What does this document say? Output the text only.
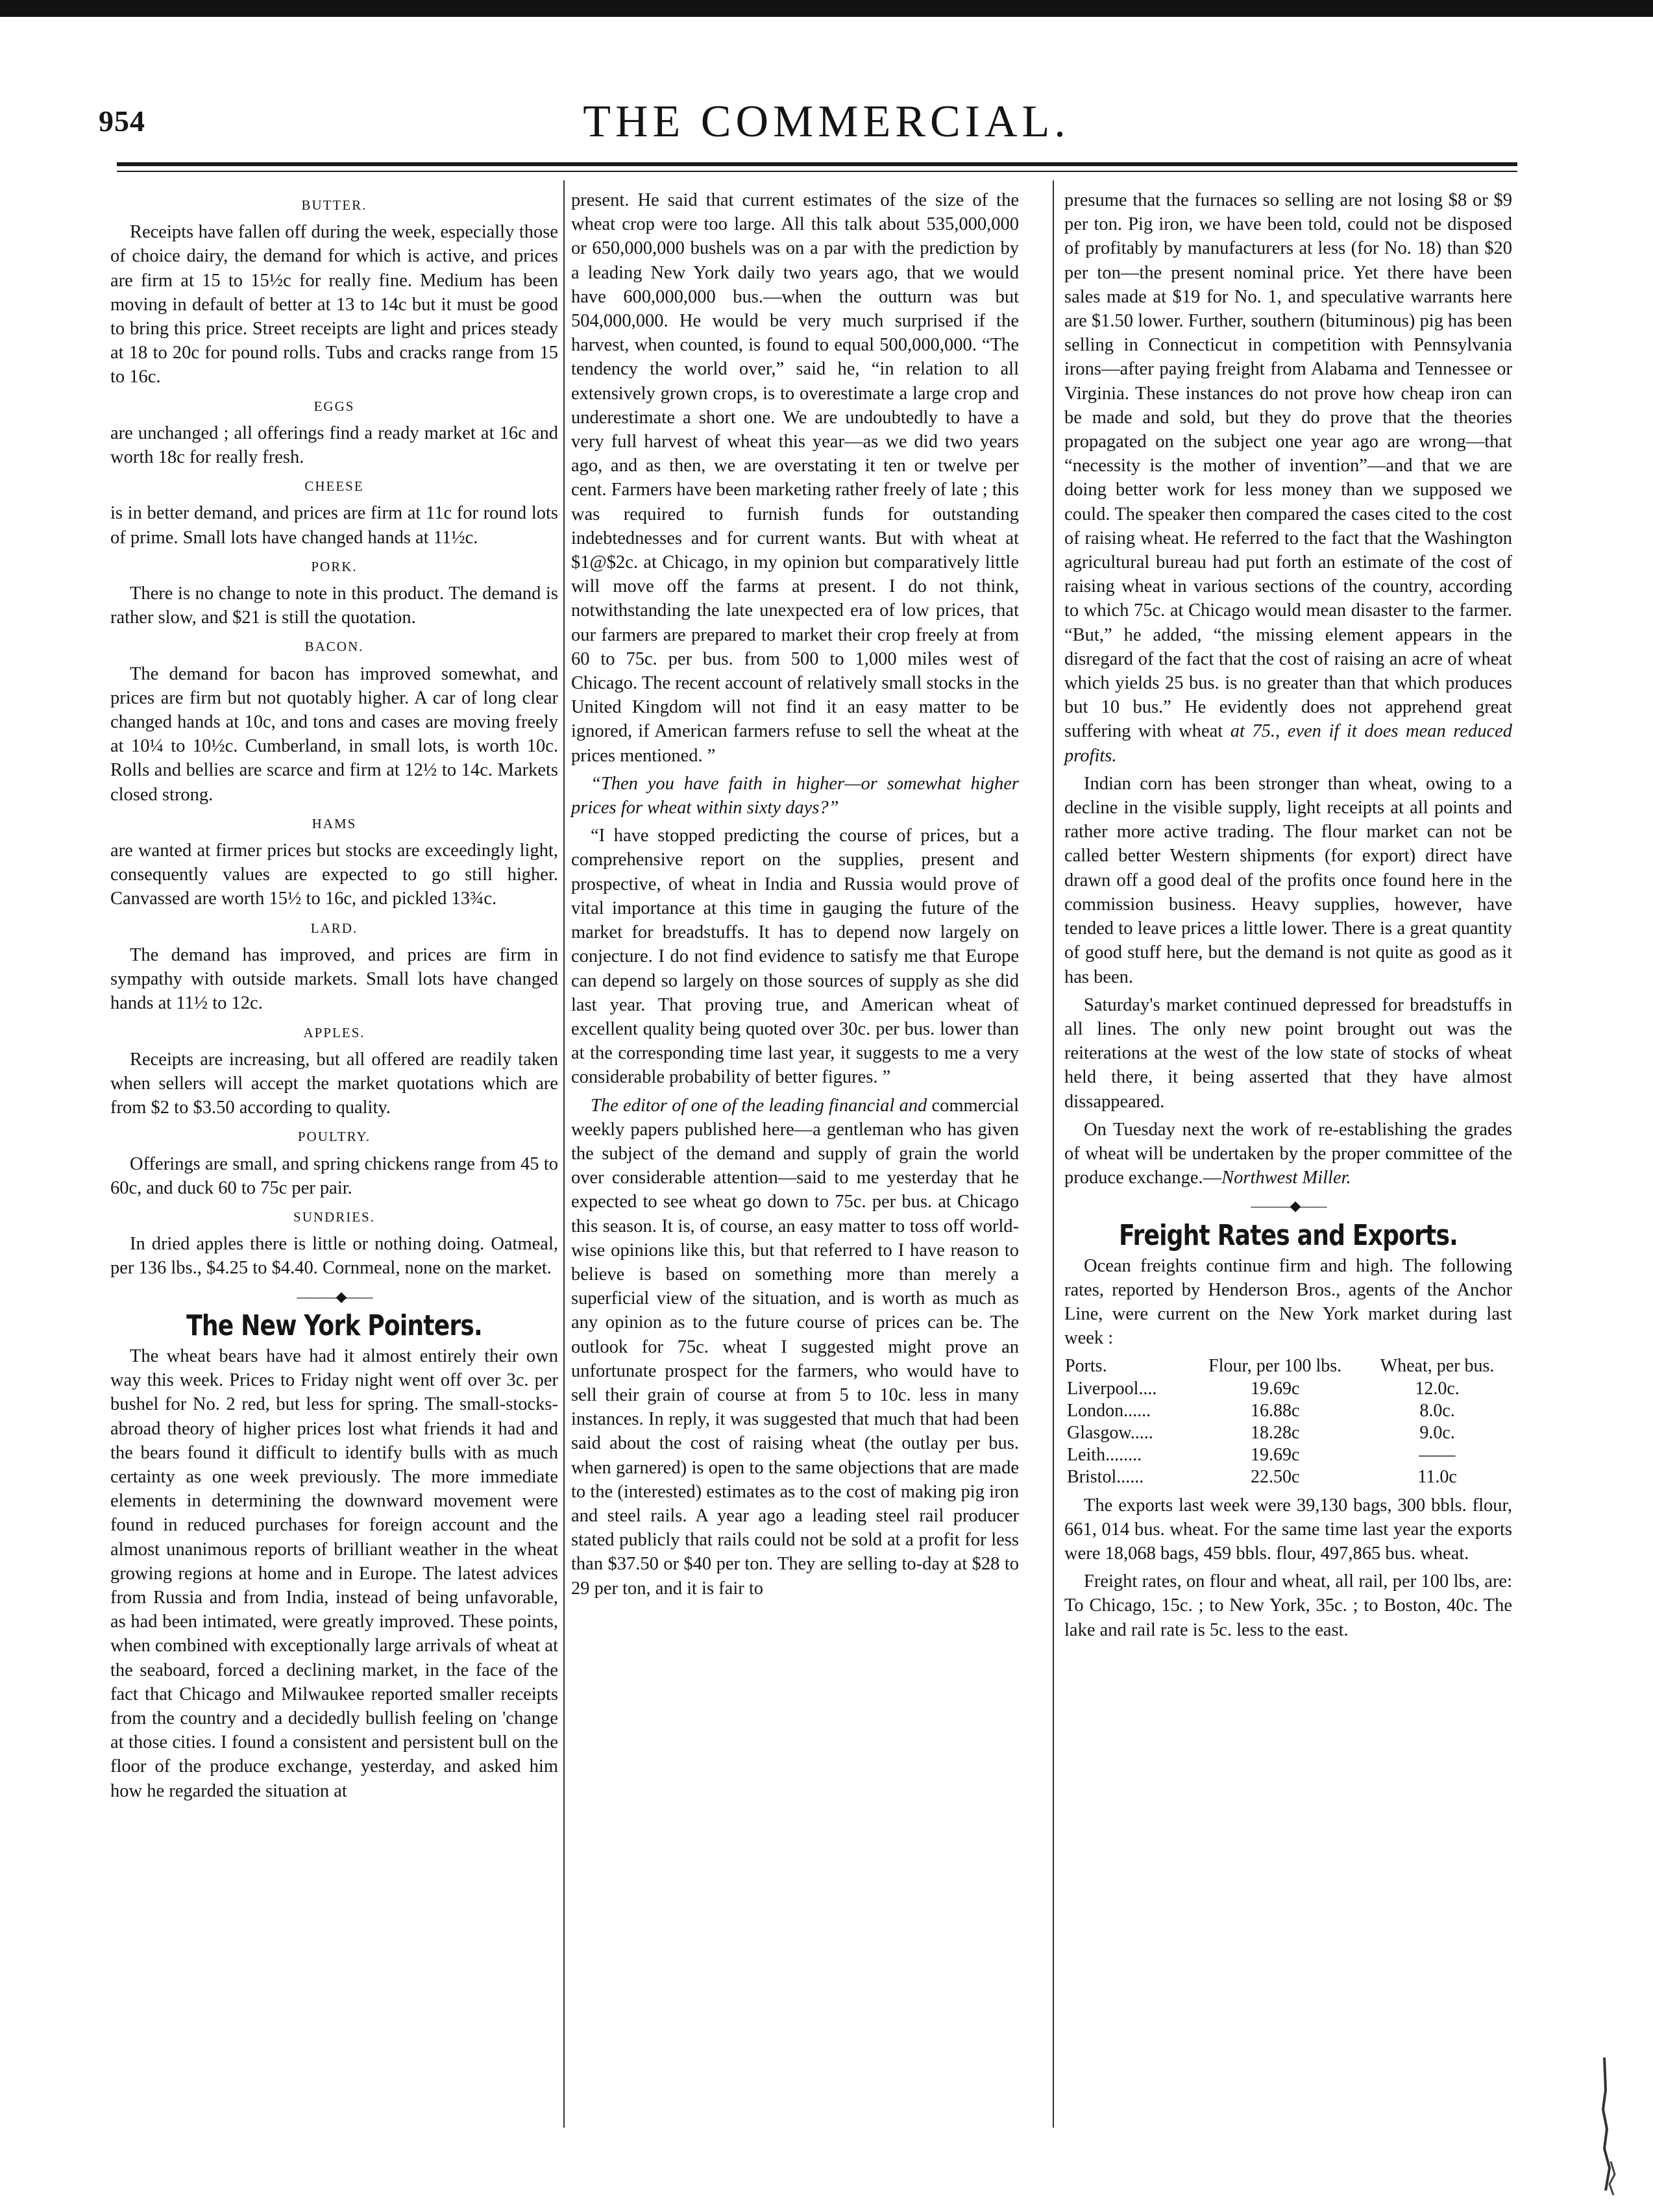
954	THE COMMERCIAL.
BUTTER.

Receipts have fallen off during the week, especially those of choice dairy, the demand for which is active, and prices are firm at 15 to 15½c for really fine. Medium has been moving in default of better at 13 to 14c but it must be good to bring this price. Street receipts are light and prices steady at 18 to 20c for pound rolls. Tubs and cracks range from 15 to 16c.

EGGS

are unchanged ; all offerings find a ready market at 16c and worth 18c for really fresh.

CHEESE

is in better demand, and prices are firm at 11c for round lots of prime. Small lots have changed hands at 11½c.

PORK.

There is no change to note in this product. The demand is rather slow, and $21 is still the quotation.

BACON.

The demand for bacon has improved somewhat, and prices are firm but not quotably higher. A car of long clear changed hands at 10c, and tons and cases are moving freely at 10¼ to 10½c. Cumberland, in small lots, is worth 10c. Rolls and bellies are scarce and firm at 12½ to 14c. Markets closed strong.

HAMS

are wanted at firmer prices but stocks are exceedingly light, consequently values are expected to go still higher. Canvassed are worth 15½ to 16c, and pickled 13¾c.

LARD.

The demand has improved, and prices are firm in sympathy with outside markets. Small lots have changed hands at 11½ to 12c.

APPLES.

Receipts are increasing, but all offered are readily taken when sellers will accept the market quotations which are from $2 to $3.50 according to quality.

POULTRY.

Offerings are small, and spring chickens range from 45 to 60c, and duck 60 to 75c per pair.

SUNDRIES.

In dried apples there is little or nothing doing. Oatmeal, per 136 lbs., $4.25 to $4.40. Cornmeal, none on the market.

———◆——
The New York Pointers.

The wheat bears have had it almost entirely their own way this week. Prices to Friday night went off over 3c. per bushel for No. 2 red, but less for spring. The small-stocks-abroad theory of higher prices lost what friends it had and the bears found it difficult to identify bulls with as much certainty as one week previously. The more immediate elements in determining the downward movement were found in reduced purchases for foreign account and the almost unanimous reports of brilliant weather in the wheat growing regions at home and in Europe. The latest advices from Russia and from India, instead of being unfavorable, as had been intimated, were greatly improved. These points, when combined with exceptionally large arrivals of wheat at the seaboard, forced a declining market, in the face of the fact that Chicago and Milwaukee reported smaller receipts from the country and a decidedly bullish feeling on 'change at those cities. I found a consistent and persistent bull on the floor of the produce exchange, yesterday, and asked him how he regarded the situation at

present. He said that current estimates of the size of the wheat crop were too large. All this talk about 535,000,000 or 650,000,000 bushels was on a par with the prediction by a leading New York daily two years ago, that we would have 600,000,000 bus.—when the outturn was but 504,000,000. He would be very much surprised if the harvest, when counted, is found to equal 500,000,000. “The tendency the world over,” said he, “in relation to all extensively grown crops, is to overestimate a large crop and underestimate a short one. We are undoubtedly to have a very full harvest of wheat this year—as we did two years ago, and as then, we are overstating it ten or twelve per cent. Farmers have been marketing rather freely of late ; this was required to furnish funds for outstanding indebtednesses and for current wants. But with wheat at $1@$2c. at Chicago, in my opinion but comparatively little will move off the farms at present. I do not think, notwithstanding the late unexpected era of low prices, that our farmers are prepared to market their crop freely at from 60 to 75c. per bus. from 500 to 1,000 miles west of Chicago. The recent account of relatively small stocks in the United Kingdom will not find it an easy matter to be ignored, if American farmers refuse to sell the wheat at the prices mentioned. ”

“Then you have faith in higher—or somewhat higher prices for wheat within sixty days?”

“I have stopped predicting the course of prices, but a comprehensive report on the supplies, present and prospective, of wheat in India and Russia would prove of vital importance at this time in gauging the future of the market for breadstuffs. It has to depend now largely on conjecture. I do not find evidence to satisfy me that Europe can depend so largely on those sources of supply as she did last year. That proving true, and American wheat of excellent quality being quoted over 30c. per bus. lower than at the corresponding time last year, it suggests to me a very considerable probability of better figures. ”

The editor of one of the leading financial and commercial weekly papers published here—a gentleman who has given the subject of the demand and supply of grain the world over considerable attention—said to me yesterday that he expected to see wheat go down to 75c. per bus. at Chicago this season. It is, of course, an easy matter to toss off world-wise opinions like this, but that referred to I have reason to believe is based on something more than merely a superficial view of the situation, and is worth as much as any opinion as to the future course of prices can be. The outlook for 75c. wheat I suggested might prove an unfortunate prospect for the farmers, who would have to sell their grain of course at from 5 to 10c. less in many instances. In reply, it was suggested that much that had been said about the cost of raising wheat (the outlay per bus. when garnered) is open to the same objections that are made to the (interested) estimates as to the cost of making pig iron and steel rails. A year ago a leading steel rail producer stated publicly that rails could not be sold at a profit for less than $37.50 or $40 per ton. They are selling to-day at $28 to 29 per ton, and it is fair to

presume that the furnaces so selling are not losing $8 or $9 per ton. Pig iron, we have been told, could not be disposed of profitably by manufacturers at less (for No. 18) than $20 per ton—the present nominal price. Yet there have been sales made at $19 for No. 1, and speculative warrants here are $1.50 lower. Further, southern (bituminous) pig has been selling in Connecticut in competition with Pennsylvania irons—after paying freight from Alabama and Tennessee or Virginia. These instances do not prove how cheap iron can be made and sold, but they do prove that the theories propagated on the subject one year ago are wrong—that “necessity is the mother of invention”—and that we are doing better work for less money than we supposed we could. The speaker then compared the cases cited to the cost of raising wheat. He referred to the fact that the Washington agricultural bureau had put forth an estimate of the cost of raising wheat in various sections of the country, according to which 75c. at Chicago would mean disaster to the farmer. “But,” he added, “the missing element appears in the disregard of the fact that the cost of raising an acre of wheat which yields 25 bus. is no greater than that which produces but 10 bus.” He evidently does not apprehend great suffering with wheat at 75., even if it does mean reduced profits.

Indian corn has been stronger than wheat, owing to a decline in the visible supply, light receipts at all points and rather more active trading. The flour market can not be called better Western shipments (for export) direct have drawn off a good deal of the profits once found here in the commission business. Heavy supplies, however, have tended to leave prices a little lower. There is a great quantity of good stuff here, but the demand is not quite as good as it has been.

Saturday's market continued depressed for breadstuffs in all lines. The only new point brought out was the reiterations at the west of the low state of stocks of wheat held there, it being asserted that they have almost dissappeared.

On Tuesday next the work of re-establishing the grades of wheat will be undertaken by the proper committee of the produce exchange.—Northwest Miller.

———◆——
Freight Rates and Exports.

Ocean freights continue firm and high. The following rates, reported by Henderson Bros., agents of the Anchor Line, were current on the New York market during last week :

Ports.	Flour, per 100 lbs.	Wheat, per bus.
Liverpool....	19.69c	12.0c.
London......	16.88c	8.0c.
Glasgow.....	18.28c	9.0c.
Leith........	19.69c	——
Bristol......	22.50c	11.0c

The exports last week were 39,130 bags, 300 bbls. flour, 661, 014 bus. wheat. For the same time last year the exports were 18,068 bags, 459 bbls. flour, 497,865 bus. wheat.

Freight rates, on flour and wheat, all rail, per 100 lbs, are: To Chicago, 15c. ; to New York, 35c. ; to Boston, 40c. The lake and rail rate is 5c. less to the east.
